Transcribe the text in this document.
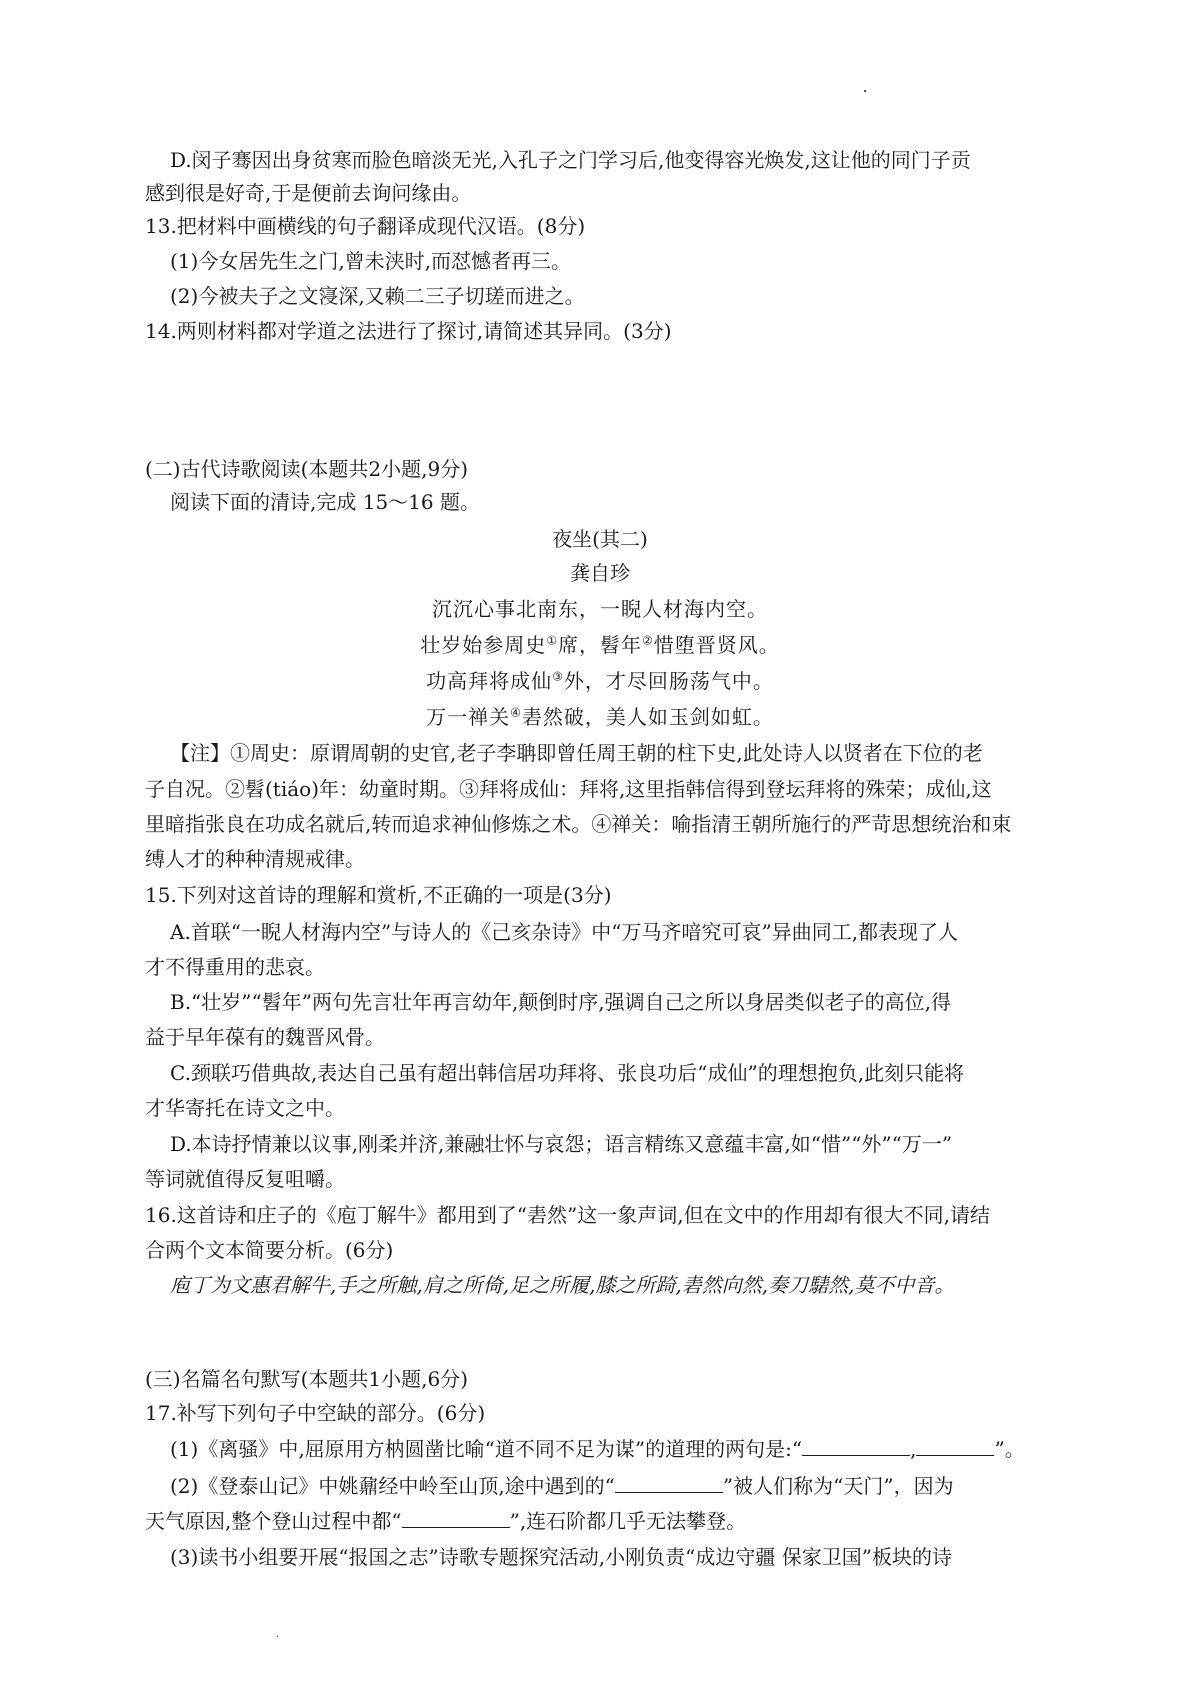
D.闵子骞因出身贫寒而脸色暗淡无光,入孔子之门学习后,他变得容光焕发,这让他的同门子贡
感到很是好奇,于是便前去询问缘由。
13.把材料中画横线的句子翻译成现代汉语。(8分)
(1)今女居先生之门,曾未浃时,而怼憾者再三。
(2)今被夫子之文寖深,又赖二三子切瑳而进之。
14.两则材料都对学道之法进行了探讨,请简述其异同。(3分)
(二)古代诗歌阅读(本题共2小题,9分)
阅读下面的清诗,完成 15～16 题。
夜坐(其二)
龚自珍
沉沉心事北南东，一睨人材海内空。
壮岁始参周史①席，髫年②惜堕晋贤风。
功高拜将成仙③外，才尽回肠荡气中。
万一禅关④砉然破，美人如玉剑如虹。
【注】①周史：原谓周朝的史官,老子李聃即曾任周王朝的柱下史,此处诗人以贤者在下位的老
子自况。②髫(tiáo)年：幼童时期。③拜将成仙：拜将,这里指韩信得到登坛拜将的殊荣；成仙,这
里暗指张良在功成名就后,转而追求神仙修炼之术。④禅关：喻指清王朝所施行的严苛思想统治和束
缚人才的种种清规戒律。
15.下列对这首诗的理解和赏析,不正确的一项是(3分)
A.首联“一睨人材海内空”与诗人的《己亥杂诗》中“万马齐喑究可哀”异曲同工,都表现了人
才不得重用的悲哀。
B.“壮岁”“髫年”两句先言壮年再言幼年,颠倒时序,强调自己之所以身居类似老子的高位,得
益于早年葆有的魏晋风骨。
C.颈联巧借典故,表达自己虽有超出韩信居功拜将、张良功后“成仙”的理想抱负,此刻只能将
才华寄托在诗文之中。
D.本诗抒情兼以议事,刚柔并济,兼融壮怀与哀怨；语言精练又意蕴丰富,如“惜”“外”“万一”
等词就值得反复咀嚼。
16.这首诗和庄子的《庖丁解牛》都用到了“砉然”这一象声词,但在文中的作用却有很大不同,请结
合两个文本简要分析。(6分)
庖丁为文惠君解牛,手之所触,肩之所倚,足之所履,膝之所踦,砉然向然,奏刀騞然,莫不中音。
(三)名篇名句默写(本题共1小题,6分)
17.补写下列句子中空缺的部分。(6分)
(1)《离骚》中,屈原用方枘圆凿比喻“道不同不足为谋”的道理的两句是:“	,	”。
(2)《登泰山记》中姚鼐经中岭至山顶,途中遇到的“	”被人们称为“天门”，因为
天气原因,整个登山过程中都“	”,连石阶都几乎无法攀登。
(3)读书小组要开展“报国之志”诗歌专题探究活动,小刚负责“成边守疆 保家卫国”板块的诗
